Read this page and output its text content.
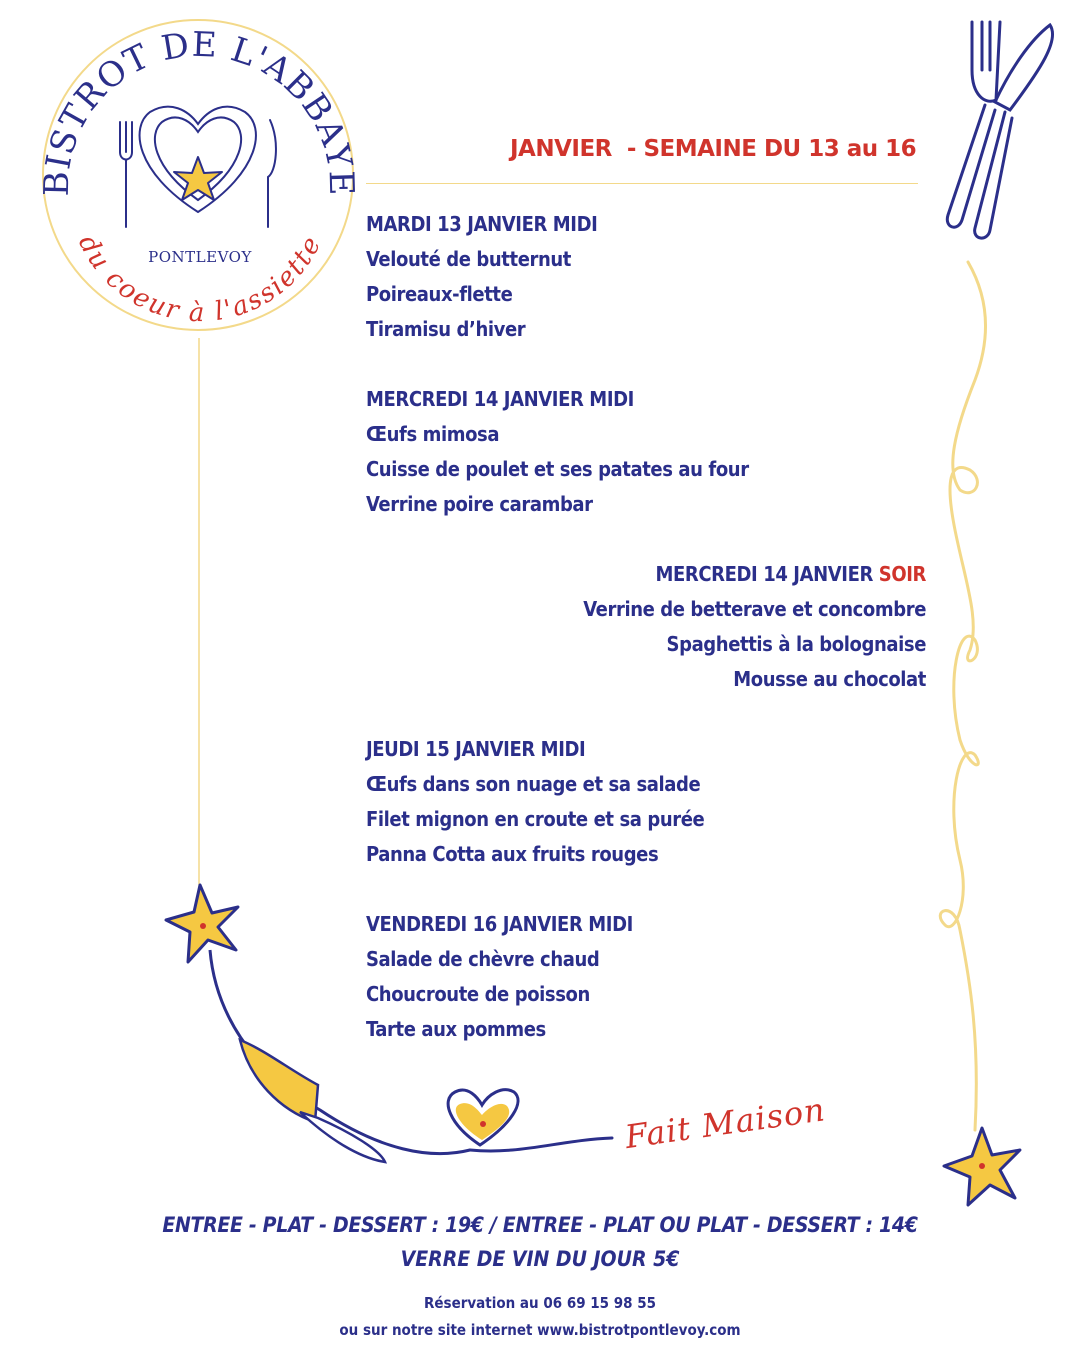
BISTROT DE L'ABBAYE
du coeur à l'assiette
PONTLEVOY
JANVIER  - SEMAINE DU 13 au 16
MARDI 13 JANVIER MIDI
Velouté de butternut
Poireaux-flette
Tiramisu d’hiver
MERCREDI 14 JANVIER MIDI
Œufs mimosa
Cuisse de poulet et ses patates au four
Verrine poire carambar
MERCREDI 14 JANVIER SOIR
Verrine de betterave et concombre
Spaghettis à la bolognaise
Mousse au chocolat
JEUDI 15 JANVIER MIDI
Œufs dans son nuage et sa salade
Filet mignon en croute et sa purée
Panna Cotta aux fruits rouges
VENDREDI 16 JANVIER MIDI
Salade de chèvre chaud
Choucroute de poisson
Tarte aux pommes
Fait Maison
ENTREE - PLAT - DESSERT : 19€ / ENTREE - PLAT OU PLAT - DESSERT : 14€
VERRE DE VIN DU JOUR 5€
Réservation au 06 69 15 98 55
ou sur notre site internet www.bistrotpontlevoy.com
